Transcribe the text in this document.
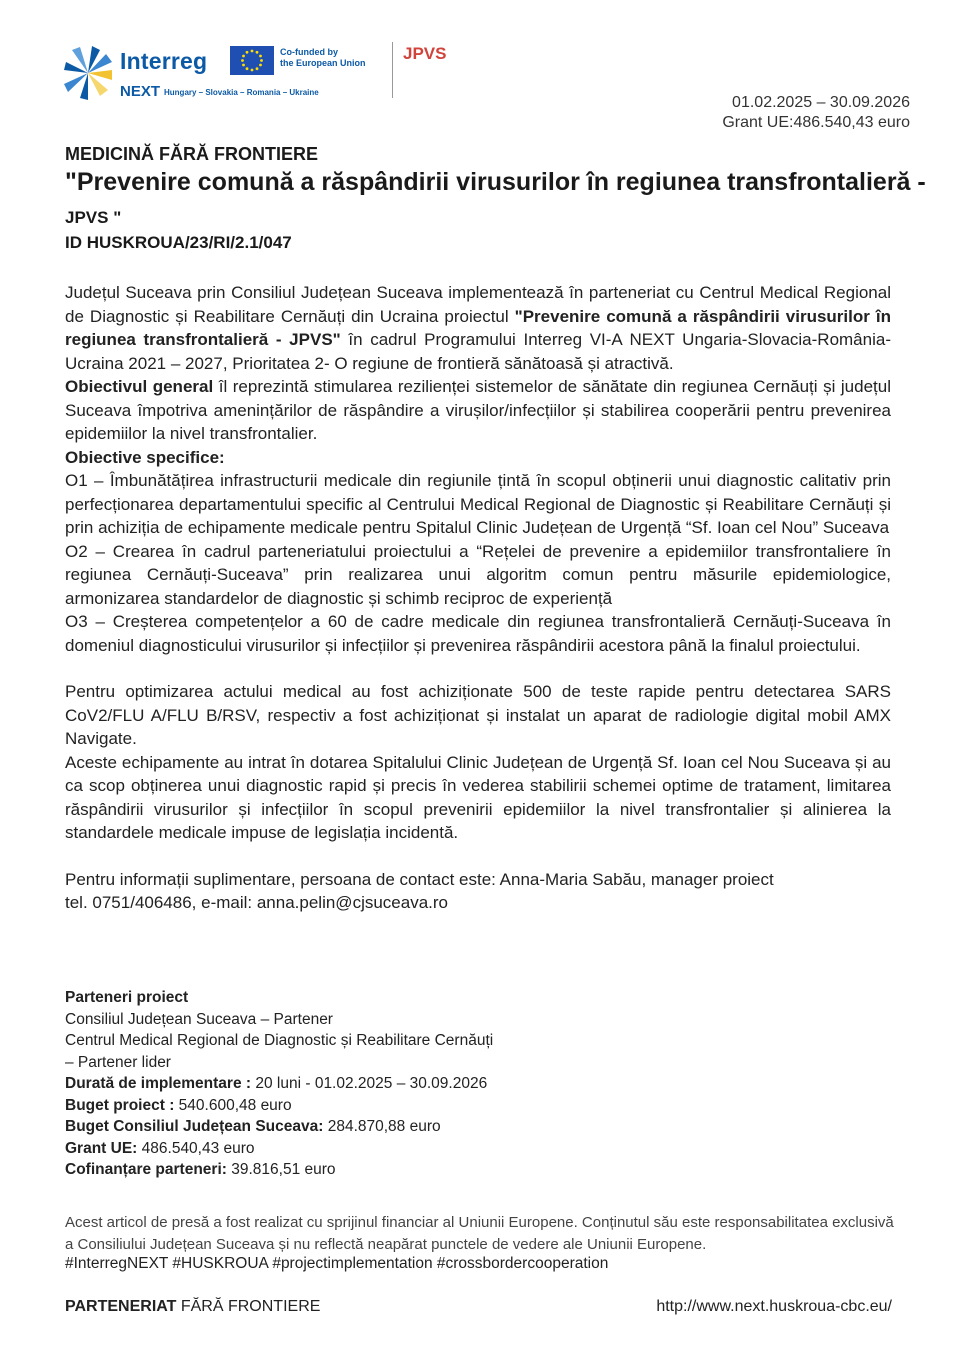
Interreg
NEXT Hungary – Slovakia – Romania – Ukraine
Co-funded by
the European Union JPVS
01.02.2025 – 30.09.2026
Grant UE:486.540,43 euro
MEDICINĂ FĂRĂ FRONTIERE
"Prevenire comună a răspândirii virusurilor în regiunea transfrontalieră -
JPVS "
ID HUSKROUA/23/RI/2.1/047

Județul Suceava prin Consiliul Județean Suceava implementează în parteneriat cu Centrul Medical Regional de Diagnostic și Reabilitare Cernăuți din Ucraina proiectul "Prevenire comună a răspândirii virusurilor în regiunea transfrontalieră - JPVS" în cadrul Programului Interreg VI-A NEXT Ungaria-Slovacia-România-Ucraina 2021 – 2027, Prioritatea 2- O regiune de frontieră sănătoasă și atractivă.

Obiectivul general îl reprezintă stimularea rezilienței sistemelor de sănătate din regiunea Cernăuți și județul Suceava împotriva amenințărilor de răspândire a virușilor/infecțiilor și stabilirea cooperării pentru prevenirea epidemiilor la nivel transfrontalier.

Obiective specifice:

O1 – Îmbunătățirea infrastructurii medicale din regiunile țintă în scopul obținerii unui diagnostic calitativ prin perfecționarea departamentului specific al Centrului Medical Regional de Diagnostic și Reabilitare Cernăuți și prin achiziția de echipamente medicale pentru Spitalul Clinic Județean de Urgență “Sf. Ioan cel Nou” Suceava

O2 – Crearea în cadrul parteneriatului proiectului a “Rețelei de prevenire a epidemiilor transfrontaliere în regiunea Cernăuți-Suceava” prin realizarea unui algoritm comun pentru măsurile epidemiologice, armonizarea standardelor de diagnostic și schimb reciproc de experiență

O3 – Creșterea competențelor a 60 de cadre medicale din regiunea transfrontalieră Cernăuți-Suceava în domeniul diagnosticului virusurilor și infecțiilor și prevenirea răspândirii acestora până la finalul proiectului.

Pentru optimizarea actului medical au fost achiziționate 500 de teste rapide pentru detectarea SARS CoV2/FLU A/FLU B/RSV, respectiv a fost achiziționat și instalat un aparat de radiologie digital mobil AMX Navigate.

Aceste echipamente au intrat în dotarea Spitalului Clinic Județean de Urgență Sf. Ioan cel Nou Suceava și au ca scop obținerea unui diagnostic rapid și precis în vederea stabilirii schemei optime de tratament, limitarea răspândirii virusurilor și infecțiilor în scopul prevenirii epidemiilor la nivel transfrontalier și alinierea la standardele medicale impuse de legislația incidentă.

Pentru informații suplimentare, persoana de contact este: Anna-Maria Sabău, manager proiect

tel. 0751/406486, e-mail: anna.pelin@cjsuceava.ro

Parteneri proiect
Consiliul Județean Suceava – Partener
Centrul Medical Regional de Diagnostic și Reabilitare Cernăuți
– Partener lider
Durată de implementare : 20 luni - 01.02.2025 – 30.09.2026
Buget proiect : 540.600,48 euro
Buget Consiliul Județean Suceava: 284.870,88 euro
Grant UE: 486.540,43 euro
Cofinanțare parteneri: 39.816,51 euro
Acest articol de presă a fost realizat cu sprijinul financiar al Uniunii Europene. Conținutul său este responsabilitatea exclusivă a Consiliului Județean Suceava și nu reflectă neapărat punctele de vedere ale Uniunii Europene.
#InterregNEXT #HUSKROUA #projectimplementation #crossbordercooperation
PARTENERIAT FĂRĂ FRONTIERE	http://www.next.huskroua-cbc.eu/
